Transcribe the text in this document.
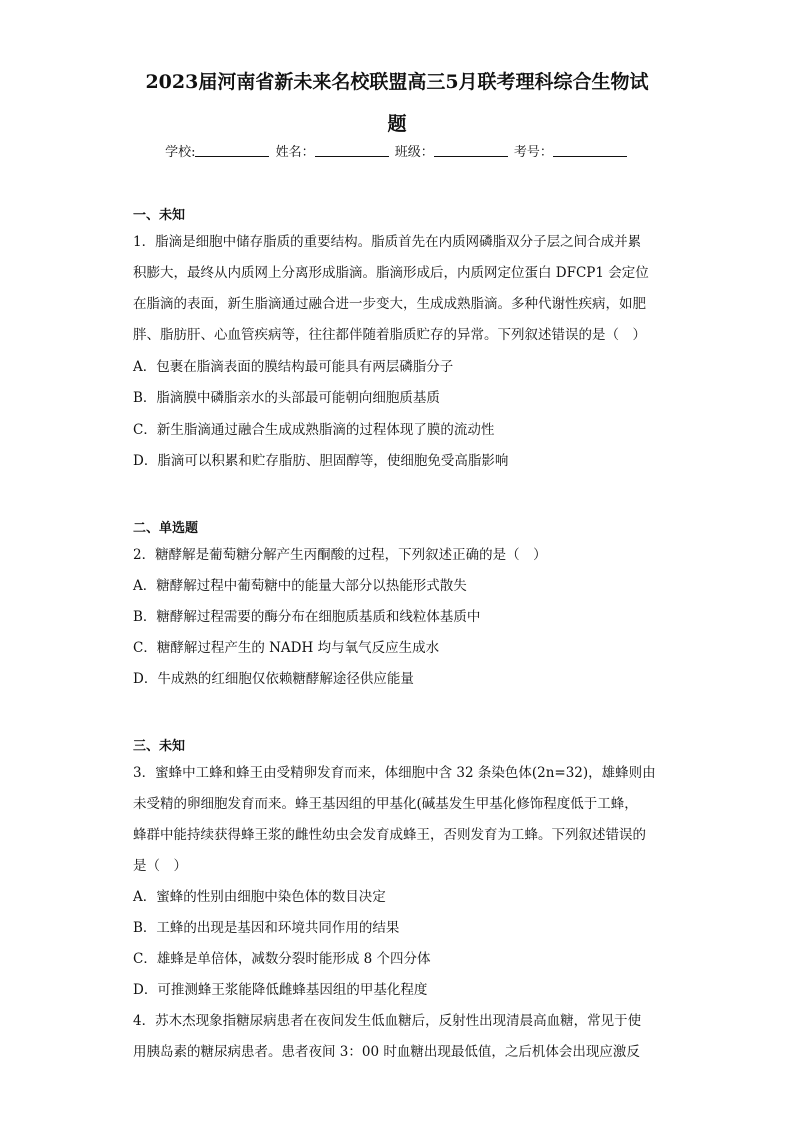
2023届河南省新未来名校联盟高三5月联考理科综合生物试
题
学校:	姓名：	班级：	考号：
一、未知
1．脂滴是细胞中储存脂质的重要结构。脂质首先在内质网磷脂双分子层之间合成并累
积膨大，最终从内质网上分离形成脂滴。脂滴形成后，内质网定位蛋白 DFCP1 会定位
在脂滴的表面，新生脂滴通过融合进一步变大，生成成熟脂滴。多种代谢性疾病，如肥
胖、脂肪肝、心血管疾病等，往往都伴随着脂质贮存的异常。下列叙述错误的是（　）
A．包裹在脂滴表面的膜结构最可能具有两层磷脂分子
B．脂滴膜中磷脂亲水的头部最可能朝向细胞质基质
C．新生脂滴通过融合生成成熟脂滴的过程体现了膜的流动性
D．脂滴可以积累和贮存脂肪、胆固醇等，使细胞免受高脂影响
二、单选题
2．糖酵解是葡萄糖分解产生丙酮酸的过程，下列叙述正确的是（　）
A．糖酵解过程中葡萄糖中的能量大部分以热能形式散失
B．糖酵解过程需要的酶分布在细胞质基质和线粒体基质中
C．糖酵解过程产生的 NADH 均与氧气反应生成水
D．牛成熟的红细胞仅依赖糖酵解途径供应能量
三、未知
3．蜜蜂中工蜂和蜂王由受精卵发育而来，体细胞中含 32 条染色体(2n=32)，雄蜂则由
未受精的卵细胞发育而来。蜂王基因组的甲基化(碱基发生甲基化修饰程度低于工蜂，
蜂群中能持续获得蜂王浆的雌性幼虫会发育成蜂王，否则发育为工蜂。下列叙述错误的
是（　）
A．蜜蜂的性别由细胞中染色体的数目决定
B．工蜂的出现是基因和环境共同作用的结果
C．雄蜂是单倍体，减数分裂时能形成 8 个四分体
D．可推测蜂王浆能降低雌蜂基因组的甲基化程度
4．苏木杰现象指糖尿病患者在夜间发生低血糖后，反射性出现清晨高血糖，常见于使
用胰岛素的糖尿病患者。患者夜间 3：00 时血糖出现最低值，之后机体会出现应激反
